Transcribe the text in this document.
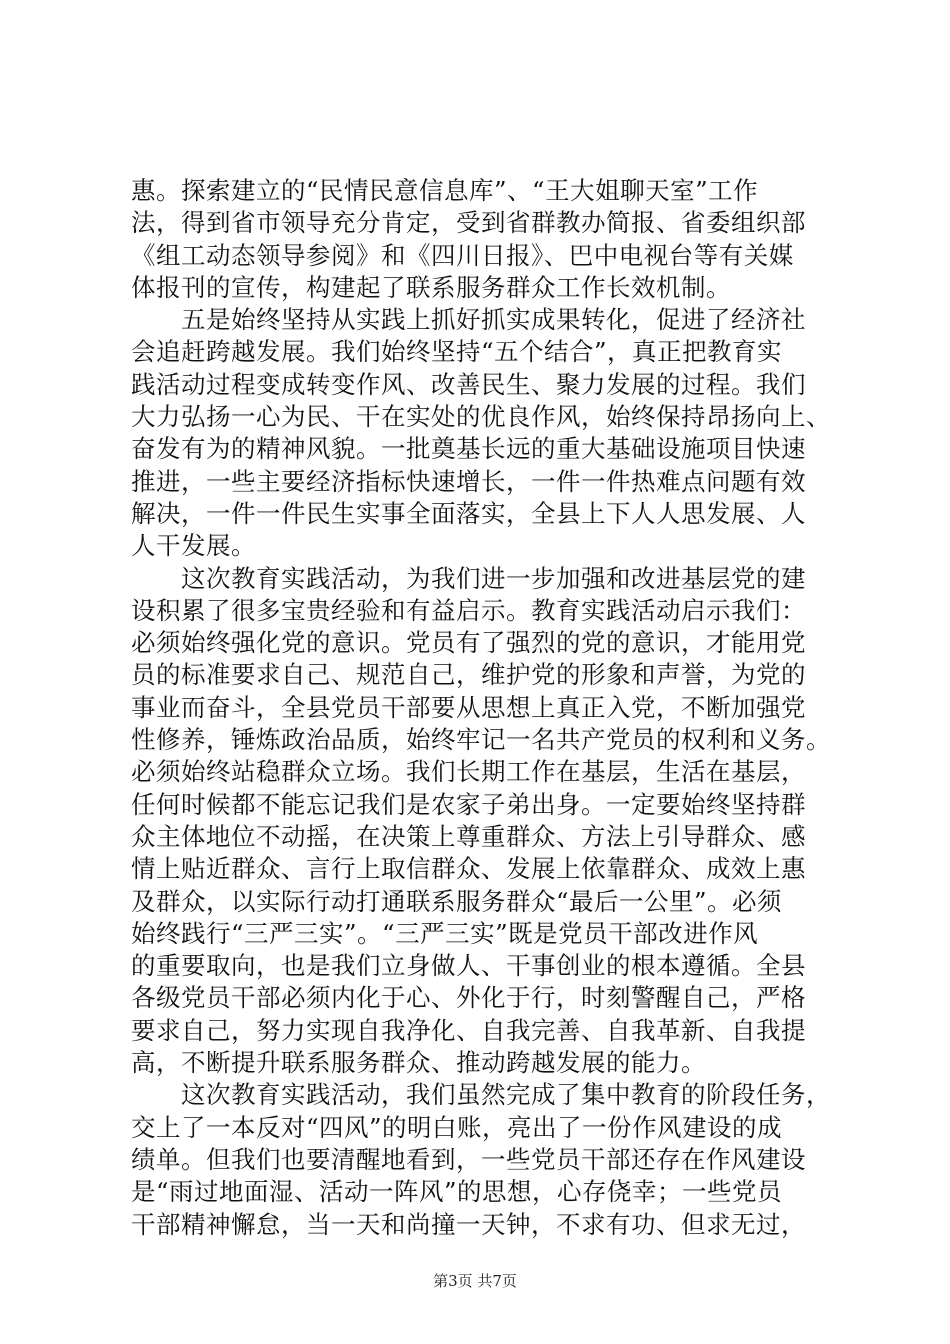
惠。探索建立的“民情民意信息库”、“王大姐聊天室”工作
法，得到省市领导充分肯定，受到省群教办简报、省委组织部
《组工动态领导参阅》和《四川日报》、巴中电视台等有关媒
体报刊的宣传，构建起了联系服务群众工作长效机制。
　　五是始终坚持从实践上抓好抓实成果转化，促进了经济社
会追赶跨越发展。我们始终坚持“五个结合”，真正把教育实
践活动过程变成转变作风、改善民生、聚力发展的过程。我们
大力弘扬一心为民、干在实处的优良作风，始终保持昂扬向上、
奋发有为的精神风貌。一批奠基长远的重大基础设施项目快速
推进，一些主要经济指标快速增长，一件一件热难点问题有效
解决，一件一件民生实事全面落实，全县上下人人思发展、人
人干发展。
　　这次教育实践活动，为我们进一步加强和改进基层党的建
设积累了很多宝贵经验和有益启示。教育实践活动启示我们：
必须始终强化党的意识。党员有了强烈的党的意识，才能用党
员的标准要求自己、规范自己，维护党的形象和声誉，为党的
事业而奋斗，全县党员干部要从思想上真正入党，不断加强党
性修养，锤炼政治品质，始终牢记一名共产党员的权利和义务。
必须始终站稳群众立场。我们长期工作在基层，生活在基层，
任何时候都不能忘记我们是农家子弟出身。一定要始终坚持群
众主体地位不动摇，在决策上尊重群众、方法上引导群众、感
情上贴近群众、言行上取信群众、发展上依靠群众、成效上惠
及群众，以实际行动打通联系服务群众“最后一公里”。必须
始终践行“三严三实”。“三严三实”既是党员干部改进作风
的重要取向，也是我们立身做人、干事创业的根本遵循。全县
各级党员干部必须内化于心、外化于行，时刻警醒自己，严格
要求自己，努力实现自我净化、自我完善、自我革新、自我提
高，不断提升联系服务群众、推动跨越发展的能力。
　　这次教育实践活动，我们虽然完成了集中教育的阶段任务，
交上了一本反对“四风”的明白账，亮出了一份作风建设的成
绩单。但我们也要清醒地看到，一些党员干部还存在作风建设
是“雨过地面湿、活动一阵风”的思想，心存侥幸；一些党员
干部精神懈怠，当一天和尚撞一天钟，不求有功、但求无过，
第3页 共7页
